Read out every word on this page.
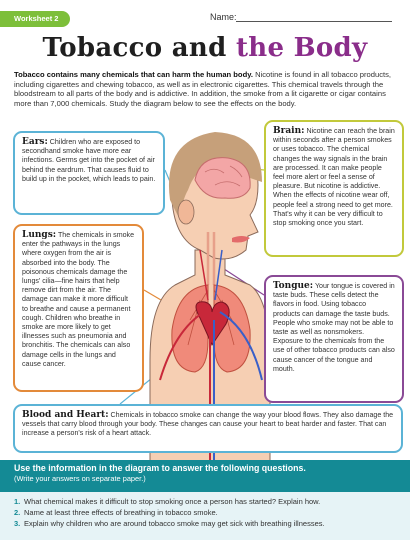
Worksheet 2	Name:
Tobacco and the Body
Tobacco contains many chemicals that can harm the human body. Nicotine is found in all tobacco products, including cigarettes and chewing tobacco, as well as in electronic cigarettes. This chemical travels through the bloodstream to all parts of the body and is addictive. In addition, the smoke from a lit cigarette or cigar contains more than 7,000 chemicals. Study the diagram below to see the effects on the body.
Ears: Children who are exposed to secondhand smoke have more ear infections. Germs get into the pocket of air behind the eardrum. That causes fluid to build up in the pocket, which leads to pain.
Brain: Nicotine can reach the brain within seconds after a person smokes or uses tobacco. The chemical changes the way signals in the brain are processed. It can make people feel more alert or feel a sense of pleasure. But nicotine is addictive. When the effects of nicotine wear off, people feel a strong need to get more. That's why it can be very difficult to stop smoking once you start.
Lungs: The chemicals in smoke enter the pathways in the lungs where oxygen from the air is absorbed into the body. The poisonous chemicals damage the lungs' cilia—fine hairs that help remove dirt from the air. The damage can make it more difficult to breathe and cause a permanent cough. Children who breathe in smoke are more likely to get illnesses such as pneumonia and bronchitis. The chemicals can also damage cells in the lungs and cause cancer.
Tongue: Your tongue is covered in taste buds. These cells detect the flavors in food. Using tobacco products can damage the taste buds. People who smoke may not be able to taste as well as nonsmokers. Exposure to the chemicals from the use of other tobacco products can also cause cancer of the tongue and mouth.
Blood and Heart: Chemicals in tobacco smoke can change the way your blood flows. They also damage the vessels that carry blood through your body. These changes can cause your heart to beat harder and faster. That can increase a person's risk of a heart attack.
Use the information in the diagram to answer the following questions.
(Write your answers on separate paper.)
1. What chemical makes it difficult to stop smoking once a person has started? Explain how.
2. Name at least three effects of breathing in tobacco smoke.
3. Explain why children who are around tobacco smoke may get sick with breathing illnesses.
